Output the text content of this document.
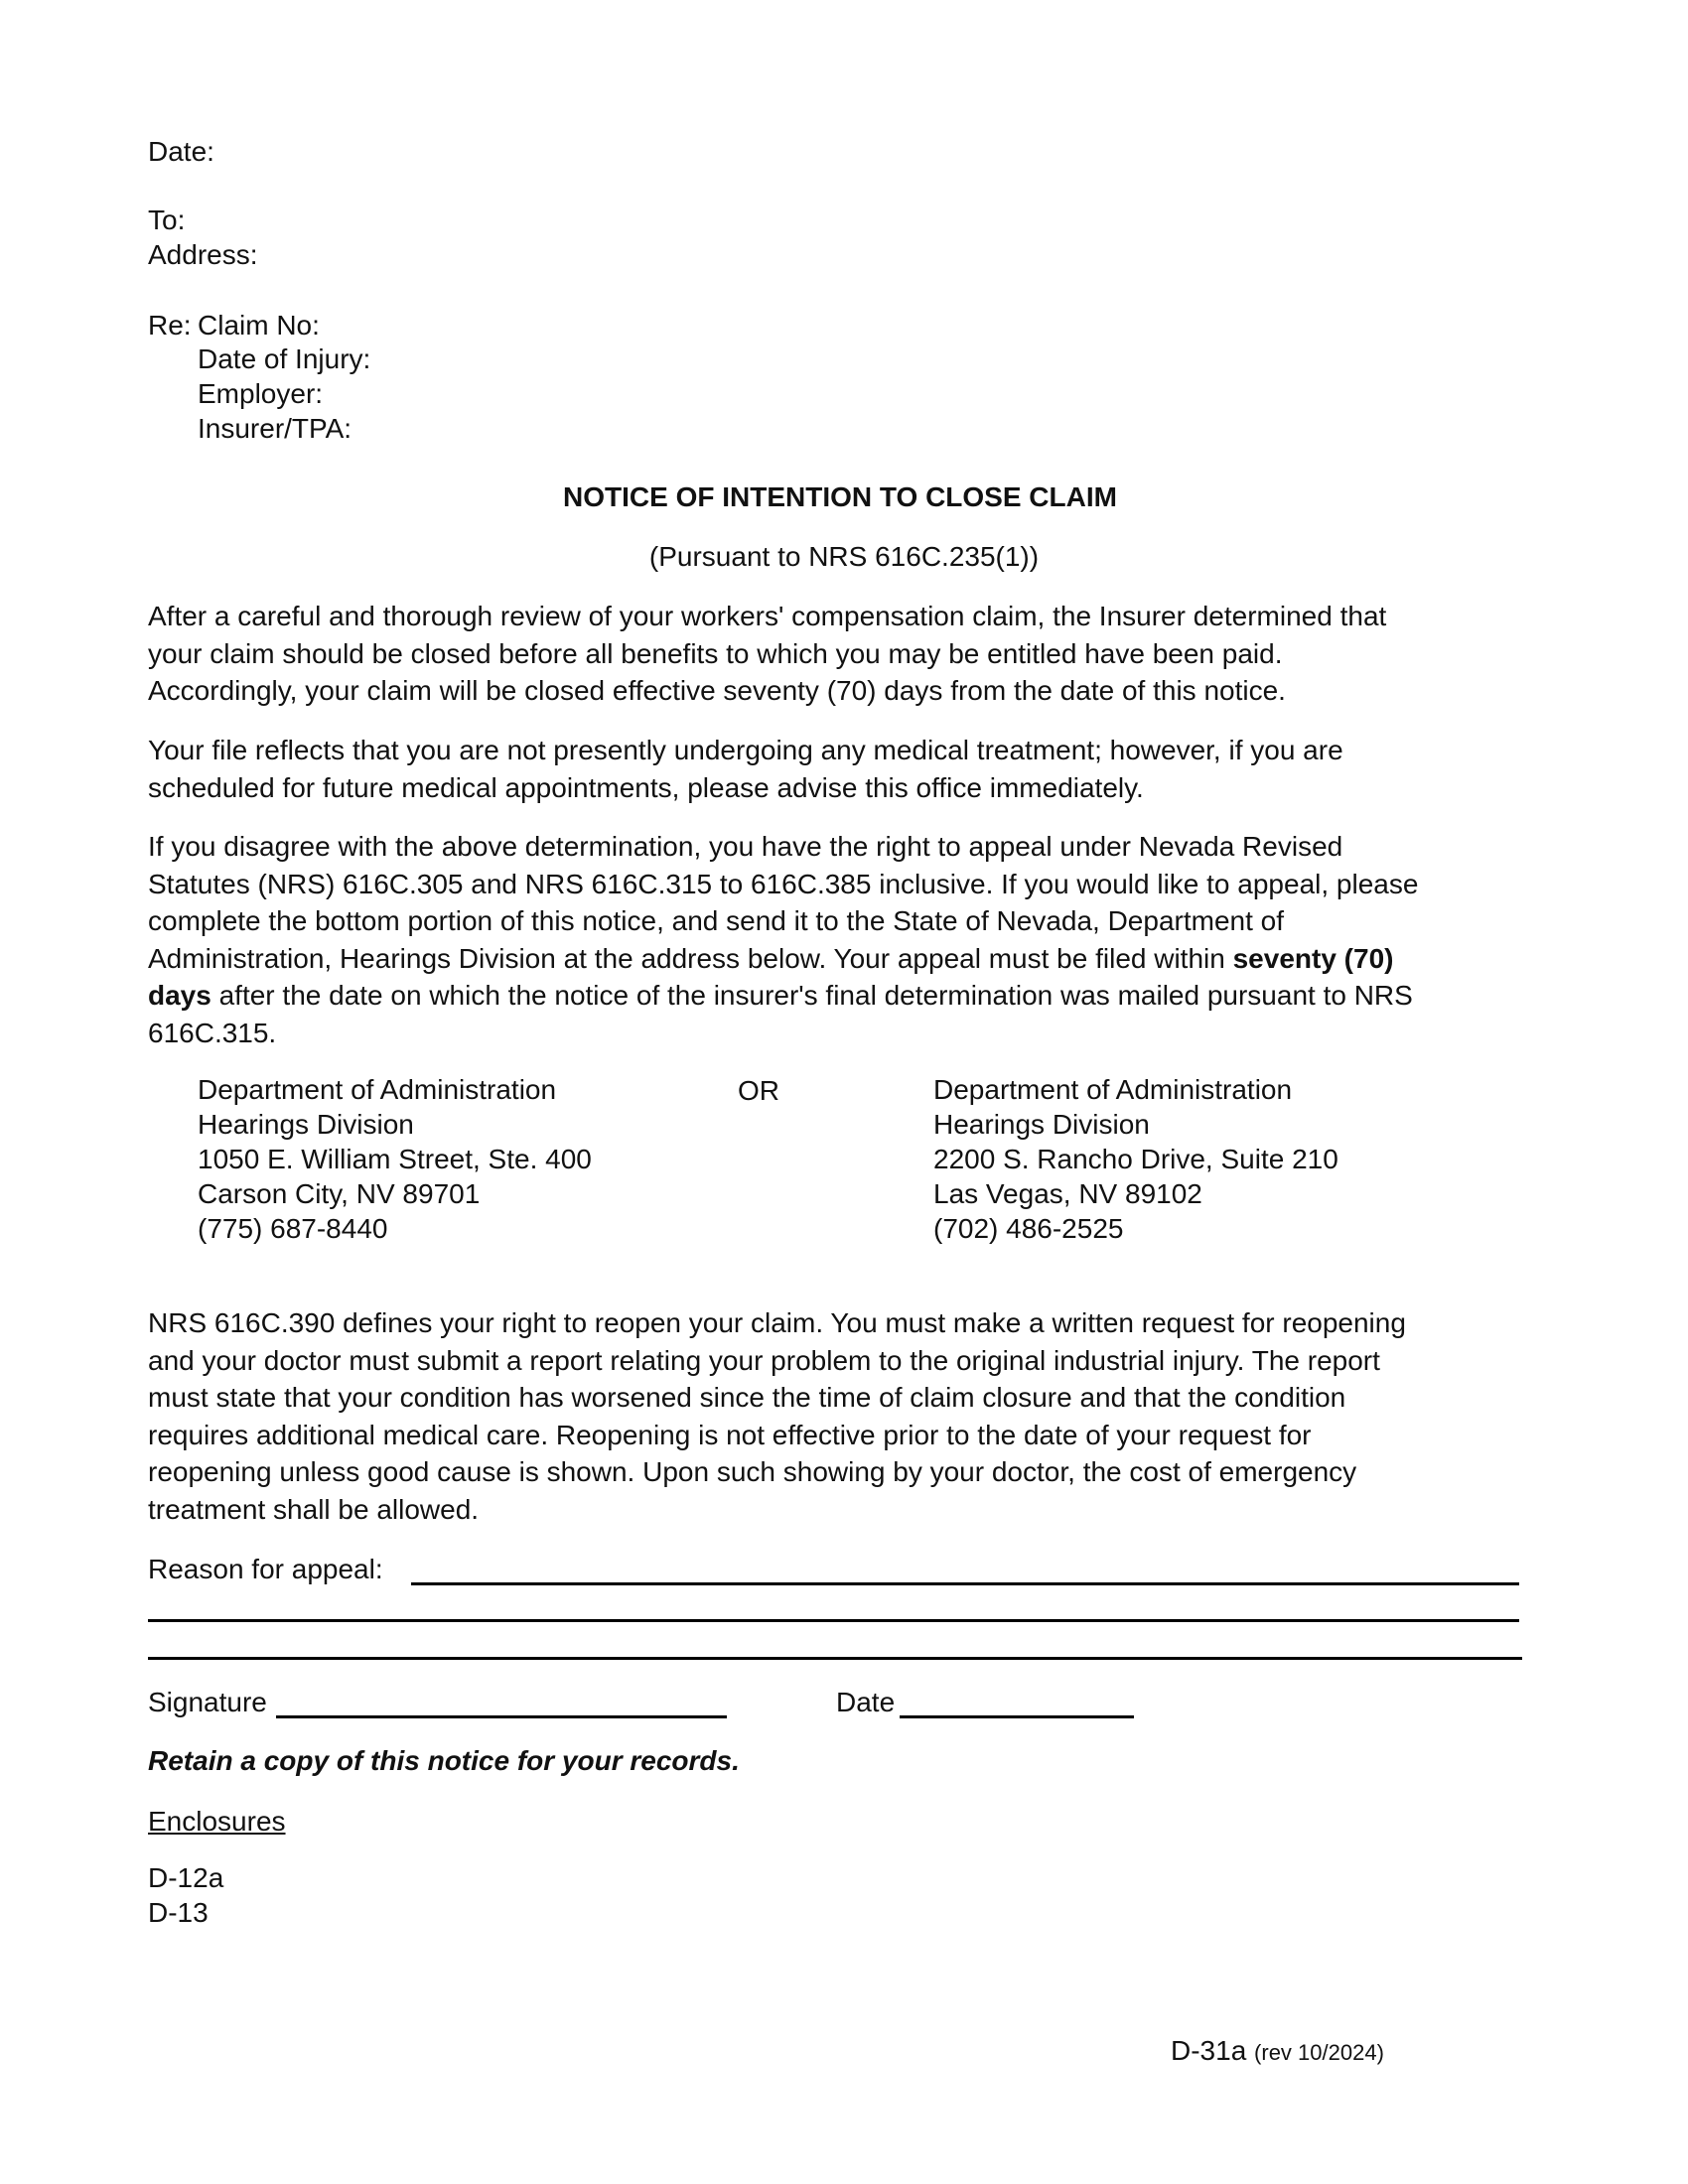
Date:
To:
Address:
Re: Claim No:
Date of Injury:
Employer:
Insurer/TPA:
NOTICE OF INTENTION TO CLOSE CLAIM
(Pursuant to NRS 616C.235(1))
After a careful and thorough review of your workers' compensation claim, the Insurer determined that
your claim should be closed before all benefits to which you may be entitled have been paid.
Accordingly, your claim will be closed effective seventy (70) days from the date of this notice.
Your file reflects that you are not presently undergoing any medical treatment; however, if you are
scheduled for future medical appointments, please advise this office immediately.
If you disagree with the above determination, you have the right to appeal under Nevada Revised
Statutes (NRS) 616C.305 and NRS 616C.315 to 616C.385 inclusive. If you would like to appeal, please
complete the bottom portion of this notice, and send it to the State of Nevada, Department of
Administration, Hearings Division at the address below. Your appeal must be filed within seventy (70)
days after the date on which the notice of the insurer's final determination was mailed pursuant to NRS
616C.315.
Department of Administration
Hearings Division
1050 E. William Street, Ste. 400
Carson City, NV 89701
(775) 687-8440
OR	Department of Administration
Hearings Division
2200 S. Rancho Drive, Suite 210
Las Vegas, NV 89102
(702) 486-2525
NRS 616C.390 defines your right to reopen your claim. You must make a written request for reopening
and your doctor must submit a report relating your problem to the original industrial injury. The report
must state that your condition has worsened since the time of claim closure and that the condition
requires additional medical care. Reopening is not effective prior to the date of your request for
reopening unless good cause is shown. Upon such showing by your doctor, the cost of emergency
treatment shall be allowed.
Reason for appeal:
Signature	Date
Retain a copy of this notice for your records.
Enclosures
D-12a
D-13
D-31a (rev 10/2024)
